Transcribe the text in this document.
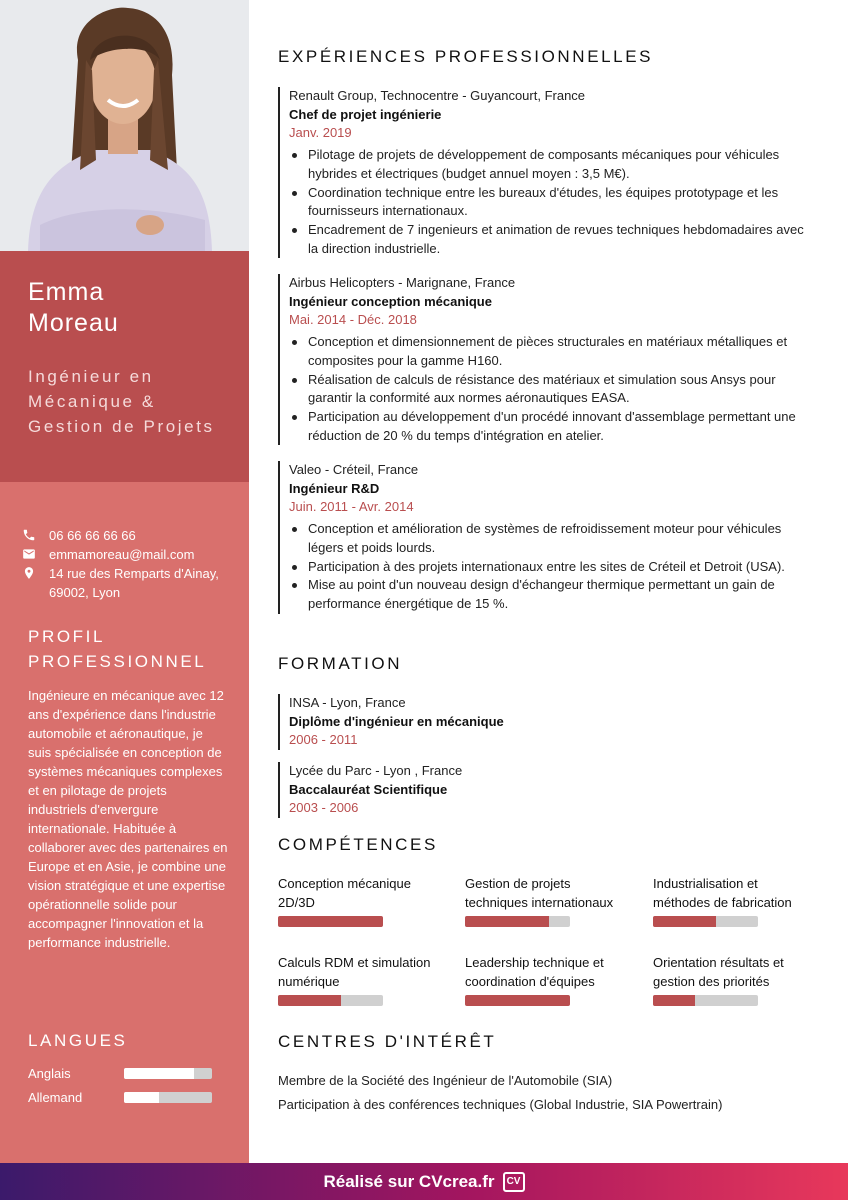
Emma
Moreau
Ingénieur en Mécanique & Gestion de Projets
06 66 66 66 66
emmamoreau@mail.com
14 rue des Remparts d'Ainay, 69002, Lyon
PROFIL PROFESSIONNEL
Ingénieure en mécanique avec 12 ans d'expérience dans l'industrie automobile et aéronautique, je suis spécialisée en conception de systèmes mécaniques complexes et en pilotage de projets industriels d'envergure internationale. Habituée à collaborer avec des partenaires en Europe et en Asie, je combine une vision stratégique et une expertise opérationnelle solide pour accompagner l'innovation et la performance industrielle.
LANGUES
Anglais
Allemand
EXPÉRIENCES PROFESSIONNELLES
Renault Group, Technocentre - Guyancourt, France
Chef de projet ingénierie
Janv. 2019
Pilotage de projets de développement de composants mécaniques pour véhicules hybrides et électriques (budget annuel moyen : 3,5 M€).
Coordination technique entre les bureaux d'études, les équipes prototypage et les fournisseurs internationaux.
Encadrement de 7 ingenieurs et animation de revues techniques hebdomadaires avec la direction industrielle.
Airbus Helicopters - Marignane, France
Ingénieur conception mécanique
Mai. 2014 - Déc. 2018
Conception et dimensionnement de pièces structurales en matériaux métalliques et composites pour la gamme H160.
Réalisation de calculs de résistance des matériaux et simulation sous Ansys pour garantir la conformité aux normes aéronautiques EASA.
Participation au développement d'un procédé innovant d'assemblage permettant une réduction de 20 % du temps d'intégration en atelier.
Valeo - Créteil, France
Ingénieur R&D
Juin. 2011 - Avr. 2014
Conception et amélioration de systèmes de refroidissement moteur pour véhicules légers et poids lourds.
Participation à des projets internationaux entre les sites de Créteil et Detroit (USA).
Mise au point d'un nouveau design d'échangeur thermique permettant un gain de performance énergétique de 15 %.
FORMATION
INSA - Lyon, France
Diplôme d'ingénieur en mécanique
2006 - 2011
Lycée du Parc - Lyon , France
Baccalauréat Scientifique
2003 - 2006
COMPÉTENCES
Conception mécanique 2D/3D
Gestion de projets techniques internationaux
Industrialisation et méthodes de fabrication
Calculs RDM et simulation numérique
Leadership technique et coordination d'équipes
Orientation résultats et gestion des priorités
CENTRES D'INTÉRÊT
Membre de la Société des Ingénieur de l'Automobile (SIA)
Participation à des conférences techniques (Global Industrie, SIA Powertrain)
Réalisé sur CVcrea.fr	CV
